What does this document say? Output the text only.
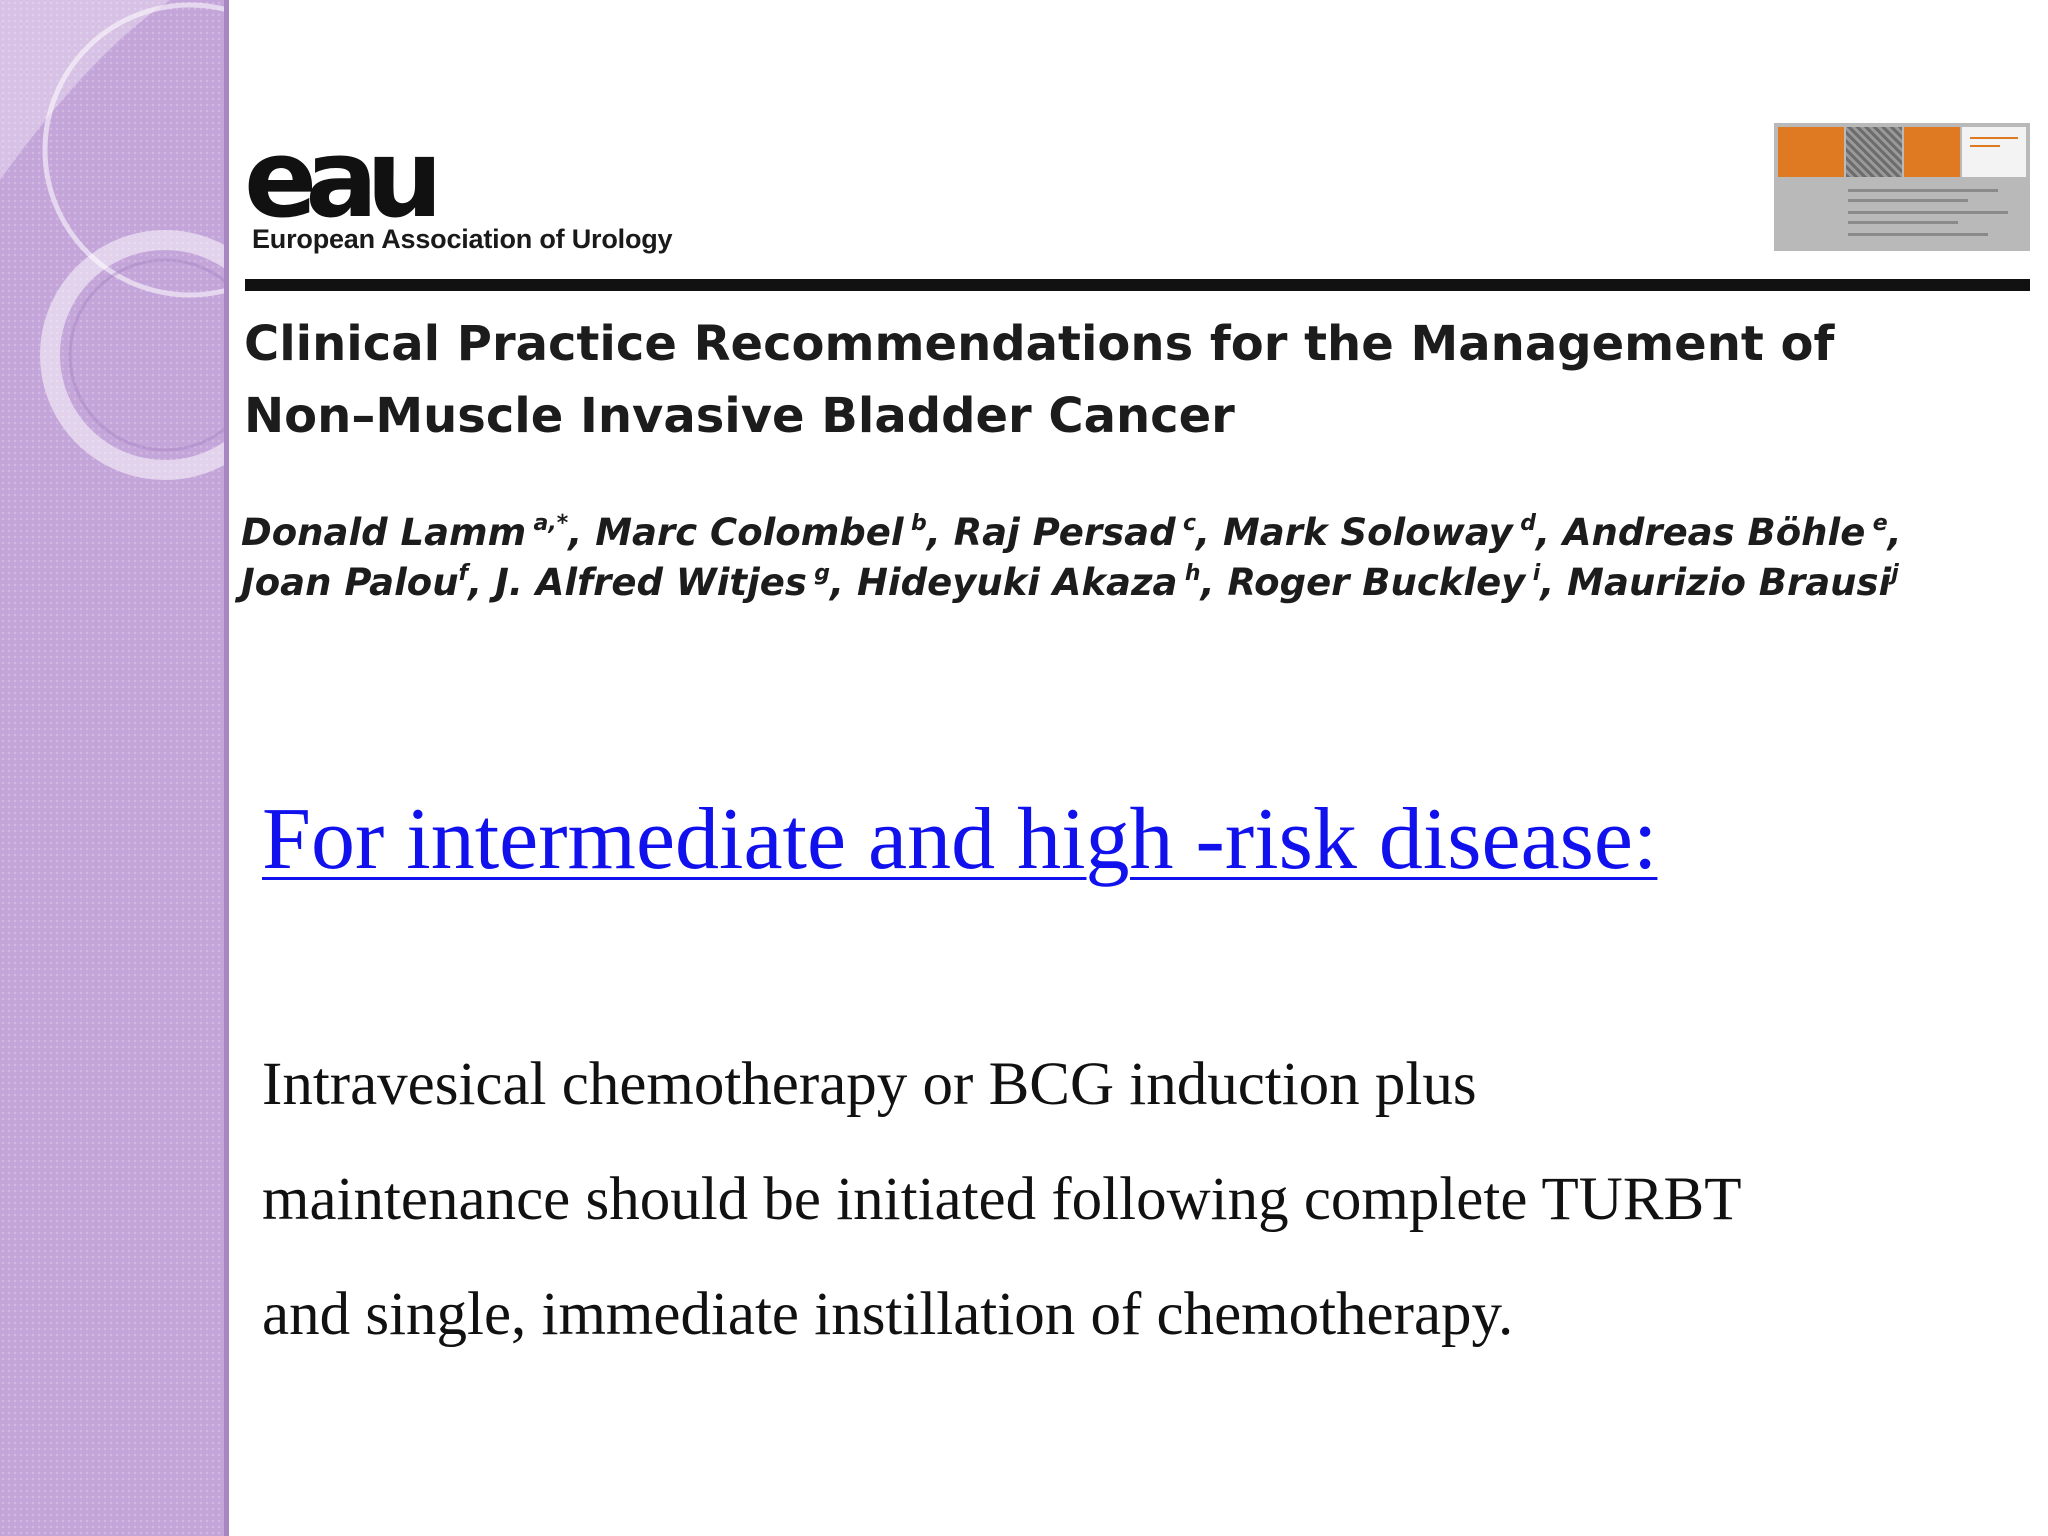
eau
European Association of Urology
Clinical Practice Recommendations for the Management of
Non–Muscle Invasive Bladder Cancer

Donald Lamm  $^{a,*}$, Marc Colombel  $^b$, Raj Persad  $^c$, Mark Soloway  $^d$, Andreas Böhle  $^e$,
Joan Palou$^f$, J. Alfred Witjes  $^g$, Hideyuki Akaza  $^h$, Roger Buckley  $^i$, Maurizio Brausi$^j$

For intermediate and high -risk disease:

Intravesical chemotherapy or BCG induction plus
maintenance should be initiated following complete TURBT
and single, immediate instillation of chemotherapy.
